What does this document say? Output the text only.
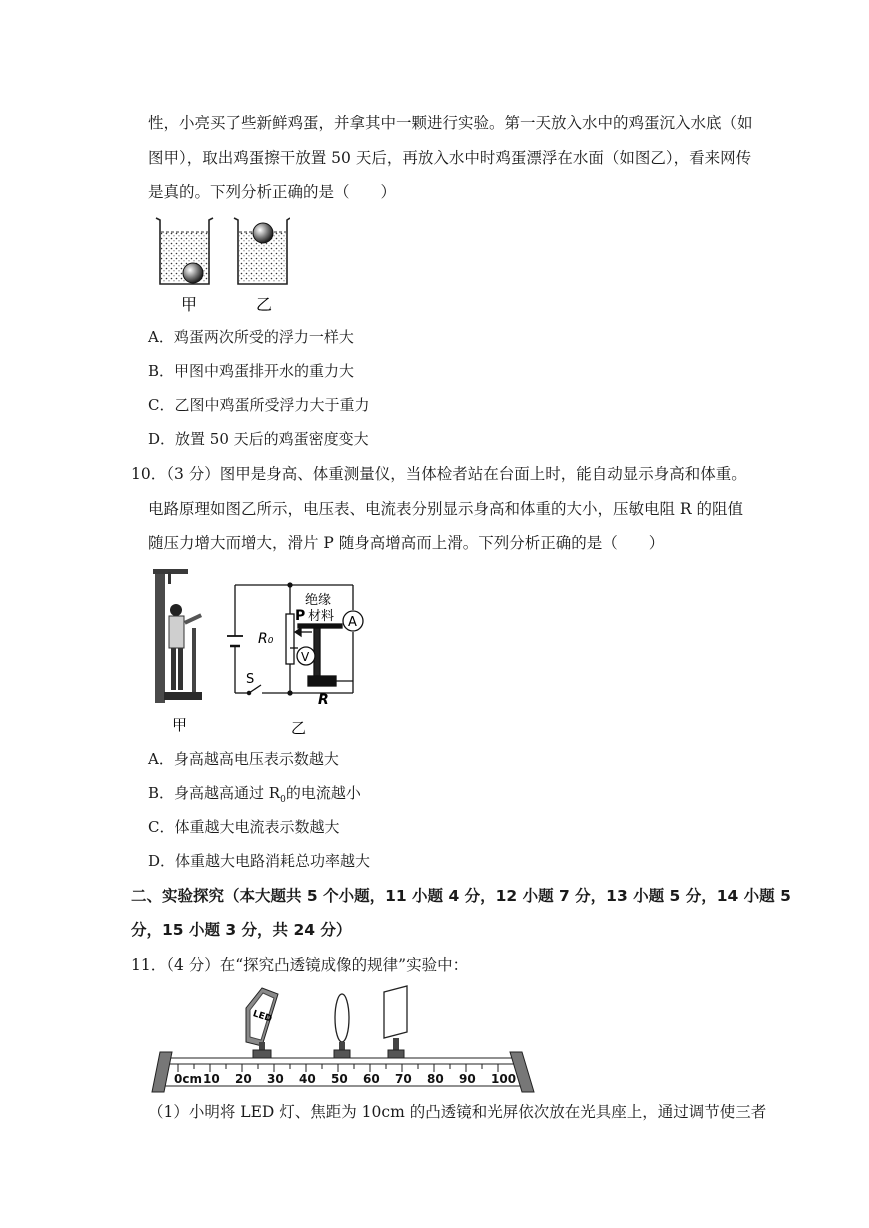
性，小亮买了些新鲜鸡蛋，并拿其中一颗进行实验。第一天放入水中的鸡蛋沉入水底（如
图甲），取出鸡蛋擦干放置 50 天后，再放入水中时鸡蛋漂浮在水面（如图乙），看来网传
是真的。下列分析正确的是（　　）
甲	乙
A．鸡蛋两次所受的浮力一样大
B．甲图中鸡蛋排开水的重力大
C．乙图中鸡蛋所受浮力大于重力
D．放置 50 天后的鸡蛋密度变大
10．（3 分）图甲是身高、体重测量仪，当体检者站在台面上时，能自动显示身高和体重。
电路原理如图乙所示，电压表、电流表分别显示身高和体重的大小，压敏电阻 R 的阻值
随压力增大而增大，滑片 P 随身高增高而上滑。下列分析正确的是（　　）
甲
A
V
绝缘
P 材料
R₀
S
R
乙
A．身高越高电压表示数越大
B．身高越高通过 $R_0$的电流越小
C．体重越大电流表示数越大
D．体重越大电路消耗总功率越大
二、实验探究（本大题共 5 个小题，11 小题 4 分，12 小题 7 分，13 小题 5 分，14 小题 5
分，15 小题 3 分，共 24 分）
11．（4 分）在“探究凸透镜成像的规律”实验中：
LED
0cm 10 20 30 40 50 60 70 80 90 100
（1）小明将 LED 灯、焦距为 10cm 的凸透镜和光屏依次放在光具座上，通过调节使三者
